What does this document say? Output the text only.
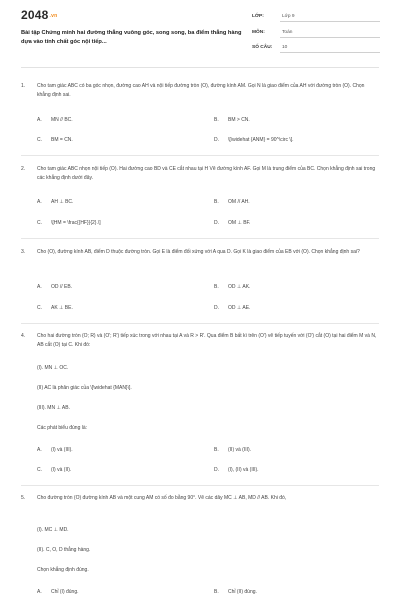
2048.vn
Bài tập Chứng minh hai đường thẳng vuông góc, song song, ba điểm thẳng hàng dựa vào tính chất góc nội tiếp...
LỚP:	Lớp 9
MÔN:	Toán
SỐ CÂU: 10
1. Cho tam giác ABC có ba góc nhọn, đường cao AH và nội tiếp đường tròn (O), đường kính AM. Gọi N là giao điểm của AH với đường tròn (O). Chọn khẳng định sai.
A. MN // BC.	B. BM > CN.
C. BM = CN.	D. \[\widehat {ANM} = 90^\circ \].
2. Cho tam giác ABC nhọn nội tiếp (O). Hai đường cao BD và CE cắt nhau tại H Vẽ đường kính AF. Gọi M là trung điểm của BC. Chọn khẳng định sai trong các khẳng định dưới đây.
A. AH ⊥ BC.	B. OM // AH.
C. \[HM = \frac{{HF}}{2}.\]	D. OM ⊥ BF.
3. Cho (O), đường kính AB, điểm D thuộc đường tròn. Gọi E là điểm đối xứng với A qua D. Gọi K là giao điểm của EB với (O). Chọn khẳng định sai?
A. OD // EB.	B. OD ⊥ AK.
C. AK ⊥ BE.	D. OD ⊥ AE.
4. Cho hai đường tròn (O; R) và (O'; R') tiếp xúc trong với nhau tại A và R > R'. Qua điểm B bất kì trên (O') vẽ tiếp tuyến với (O') cắt (O) tại hai điểm M và N, AB cắt (O) tại C. Khi đó:
(I). MN ⊥ OC.
(II) AC là phân giác của \[\widehat {MAN}\].
(III). MN ⊥ AB.
Các phát biểu đúng là:
A. (I) và (III).	B. (II) và (III).
C. (I) và (II).	D. (I), (II) và (III).
5. Cho đường tròn (O) đường kính AB và một cung AM có số đo bằng 90°. Vẽ các dây MC ⊥ AB, MD // AB. Khi đó,
(I). MC ⊥ MD.
(II). C, O, D thẳng hàng.
Chọn khẳng định đúng.
A. Chỉ (I) đúng.	B. Chỉ (II) đúng.
